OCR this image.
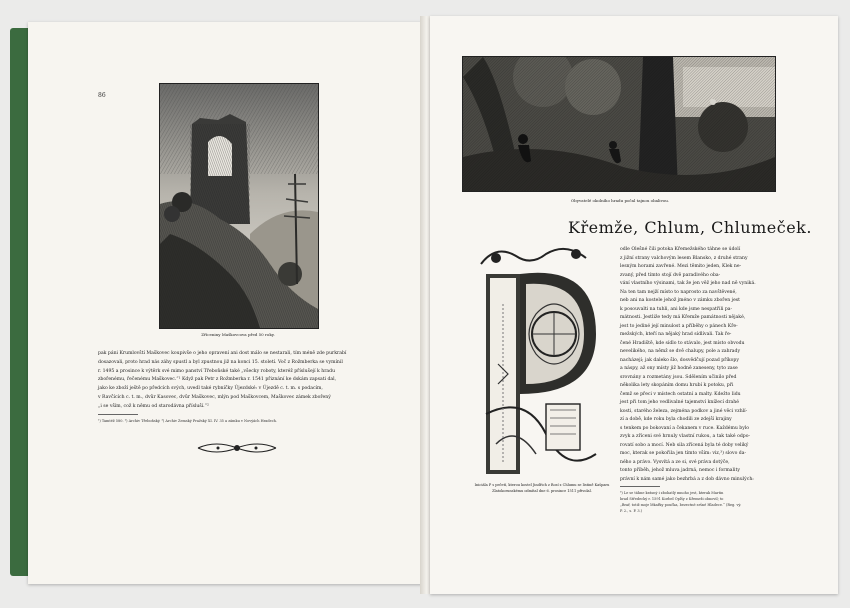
86
Zříceniny Maškovcova před 50 roky.
pak páni Krumlovští Maškovec koupivše o jeho opravení ani dost málo se nestarali, tím méně zde purkrabí
dosazovali, proto hrad nás záhy spustl a byl zpustnou již na konci 15. století. Voč z Rožmberka se vymínil
r. 1495 a prosince k výtěrk své mimo panství Třeboňské také „všecky roboty, kteréž příslušejí k hradu
zbořenému, řečenému Maškovec.“¹ Když pak Petr z Rožmberka r. 1541 přiznání ke dskám zapsati dal,
jako ke zboží ještě po předcích svých, uvedl také rybníčky Újezdské: v Újezdě c. t. m. s podacím,
v Ravčících c. t. m., dvůr Kasovec, dvůr Maškovec, mlýn pod Maškovcem, Maškovec zámek zbořený
„i se vším, což k němu od starodávna přísluší.“²
¹) Tamtéž 580. ²) Archiv Třeboňský. ³) Archiv Zemský Pražský XI. IV. 35 a zámku v Novýách Hradech.
Obyvatelé okolního hradu počal tajnou obalivou.
Křemže, Chlum, Chlumeček.
Iniciála P s pečetí, kterou kostel Jindřich z Rosí z Chlumu se listině Kašparu Zlatokorunskému odmítal dne 6. prosince 1511 přivolal.
odle Olešné čili potoka Křemežského táhne se údolí
z jižní strany valchovým lesem Blansko, z druhé strany
lesným horami zavřené. Mezi těmito jeden, Klek ne-
zvaný, před tímto stojí dvě paradivého oba-
vání vlastního výsinami, tak že jen věž jeho nad ně vyniká.
Na ten tam nejží místo to naprosto za navštěvené,
neb ani na kostele jehož jméno v zámku zbořen jest
k posouvalti na tuhli, ani kde jsme nespatřili pa-
mátnosti. Jestliže tedy má Křemže památnosti nějaké,
jest to jediné její minulost a příběhy o pánech Kře-
mežských, kteří na nějaký hrad sídlívali. Tak ře-
čené Hradiště, kde sídlo to stávalo, jest místo obvodu
nevelikého, na němž se dvě chalupy, pole a zahrady
nacházejí; jak daleko šlo, dosvědčují pozad příkopy
a náspy, až ony místy již hodně zaneseny, tyto zase
srovnány a rozmetány jsou. Sdělením učinilo před
několika lety skopáním domu hrubí k potoku, při
čemž se přeci v místech ostatní a malty. Kdežto lidu
jest při tom jeho vedlivalné tajemství knížecí drahé
kosti, starého železa, zejména podkov a jiné věci vzhlí-
zí a době, kde roku byla chodili ze zdejší krajiny
s tenkem po bokovaní a čekanem v ruce. Každému bylo
zvyk a zříceni své hrnuly vlastní rukou, a tak také odpo-
rovatí sobo a mocí. Neb sila zřícená byla té doby veliký
moc, kterak se pokořila jen tímto vším: viz,³) slovo da-
ného a právo. Vysvítá a ze si, své práva dotýče,
tonto příběh, jehož mluva jadrná, nemoc i formality
právní k nám samé jako bezhrbá a z dob dávno minulých:
³) Le se táhne krásný i zbohatlý mnoho jest, kterak Martin
hrad Středecký r. 1591 Korbel Oplšy z Křemeži obnovil; to
„Brař, totiž moje lékařky poučka, bezectné sršné Hladece.“ (Reg. vý.
P. 2., s. P. 3.)
